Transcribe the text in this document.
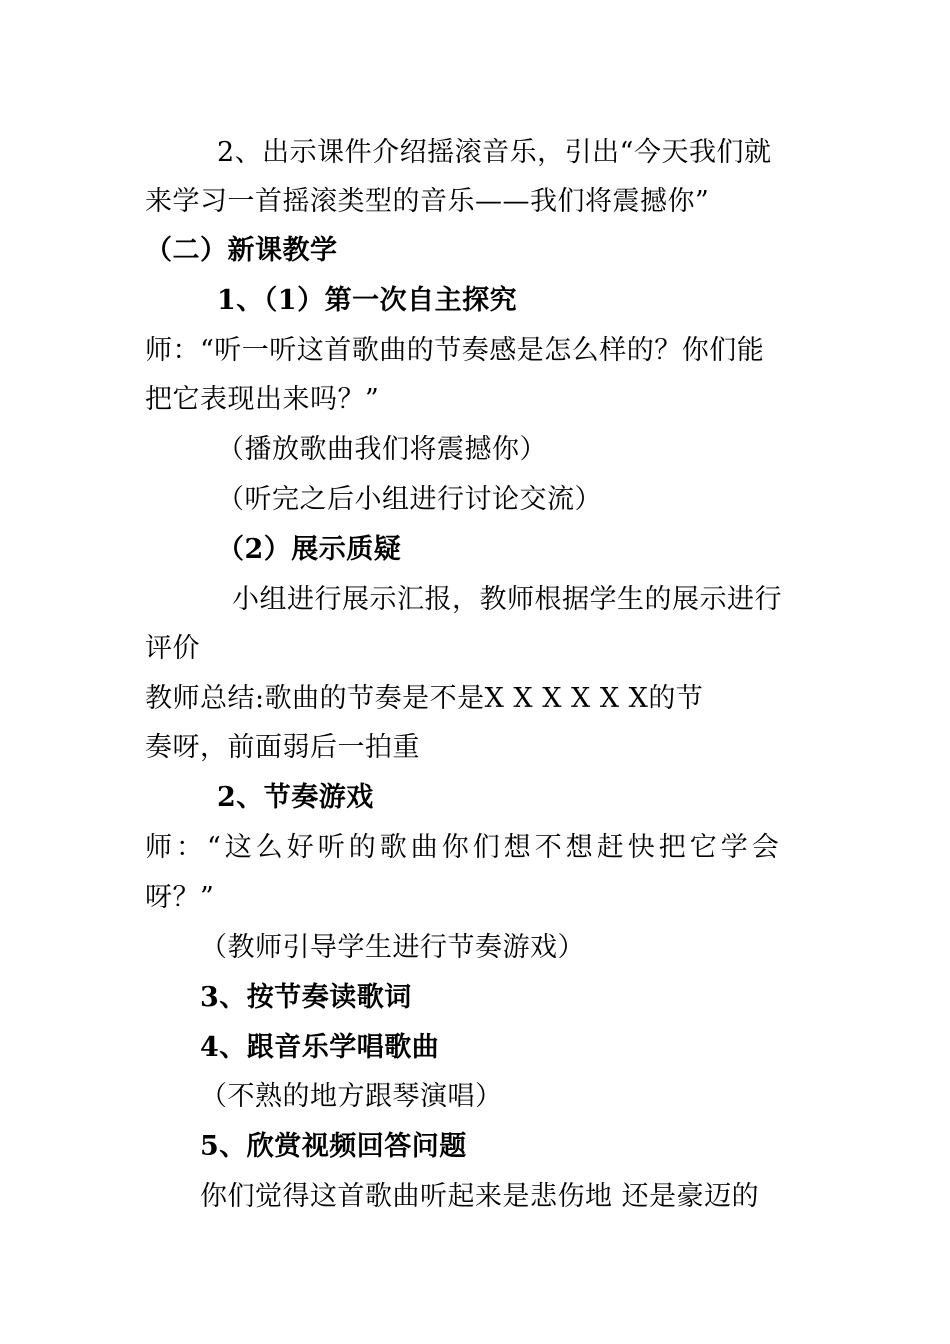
2、出示课件介绍摇滚音乐，引出“今天我们就
来学习一首摇滚类型的音乐——我们将震撼你”
（二）新课教学
1、（1）第一次自主探究
师：“听一听这首歌曲的节奏感是怎么样的？你们能
把它表现出来吗？”
（播放歌曲我们将震撼你）
（听完之后小组进行讨论交流）
（2）展示质疑
小组进行展示汇报，教师根据学生的展示进行
评价
教师总结:歌曲的节奏是不是X X X X X X的节
奏呀，前面弱后一拍重
2、节奏游戏
师：“这么好听的歌曲你们想不想赶快把它学会
呀？”
（教师引导学生进行节奏游戏）
3、按节奏读歌词
4、跟音乐学唱歌曲
（不熟的地方跟琴演唱）
5、欣赏视频回答问题
你们觉得这首歌曲听起来是悲伤地 还是豪迈的
